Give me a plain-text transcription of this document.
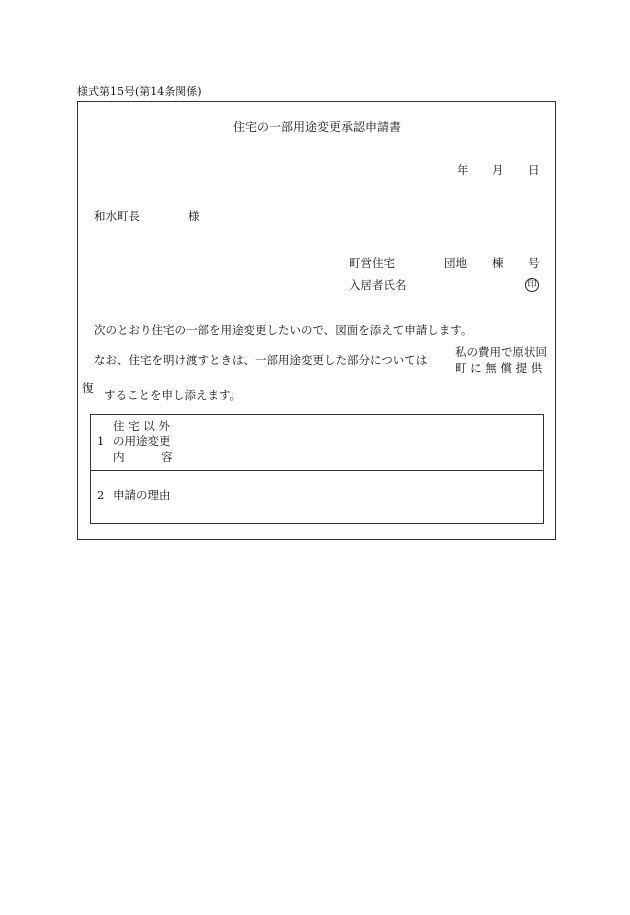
様式第15号(第14条関係)
住宅の一部用途変更承認申請書
年 月 日
和水町長	様
町営住宅	団地 棟 号
入居者氏名	印
次のとおり住宅の一部を用途変更したいので、図面を添えて申請します。
なお、住宅を明け渡すときは、一部用途変更した部分については
私の費用で原状回
町 に 無 償 提 供
復 することを申し添えます。
1
住 宅 以 外
の用途変更
内	容
2 申請の理由
